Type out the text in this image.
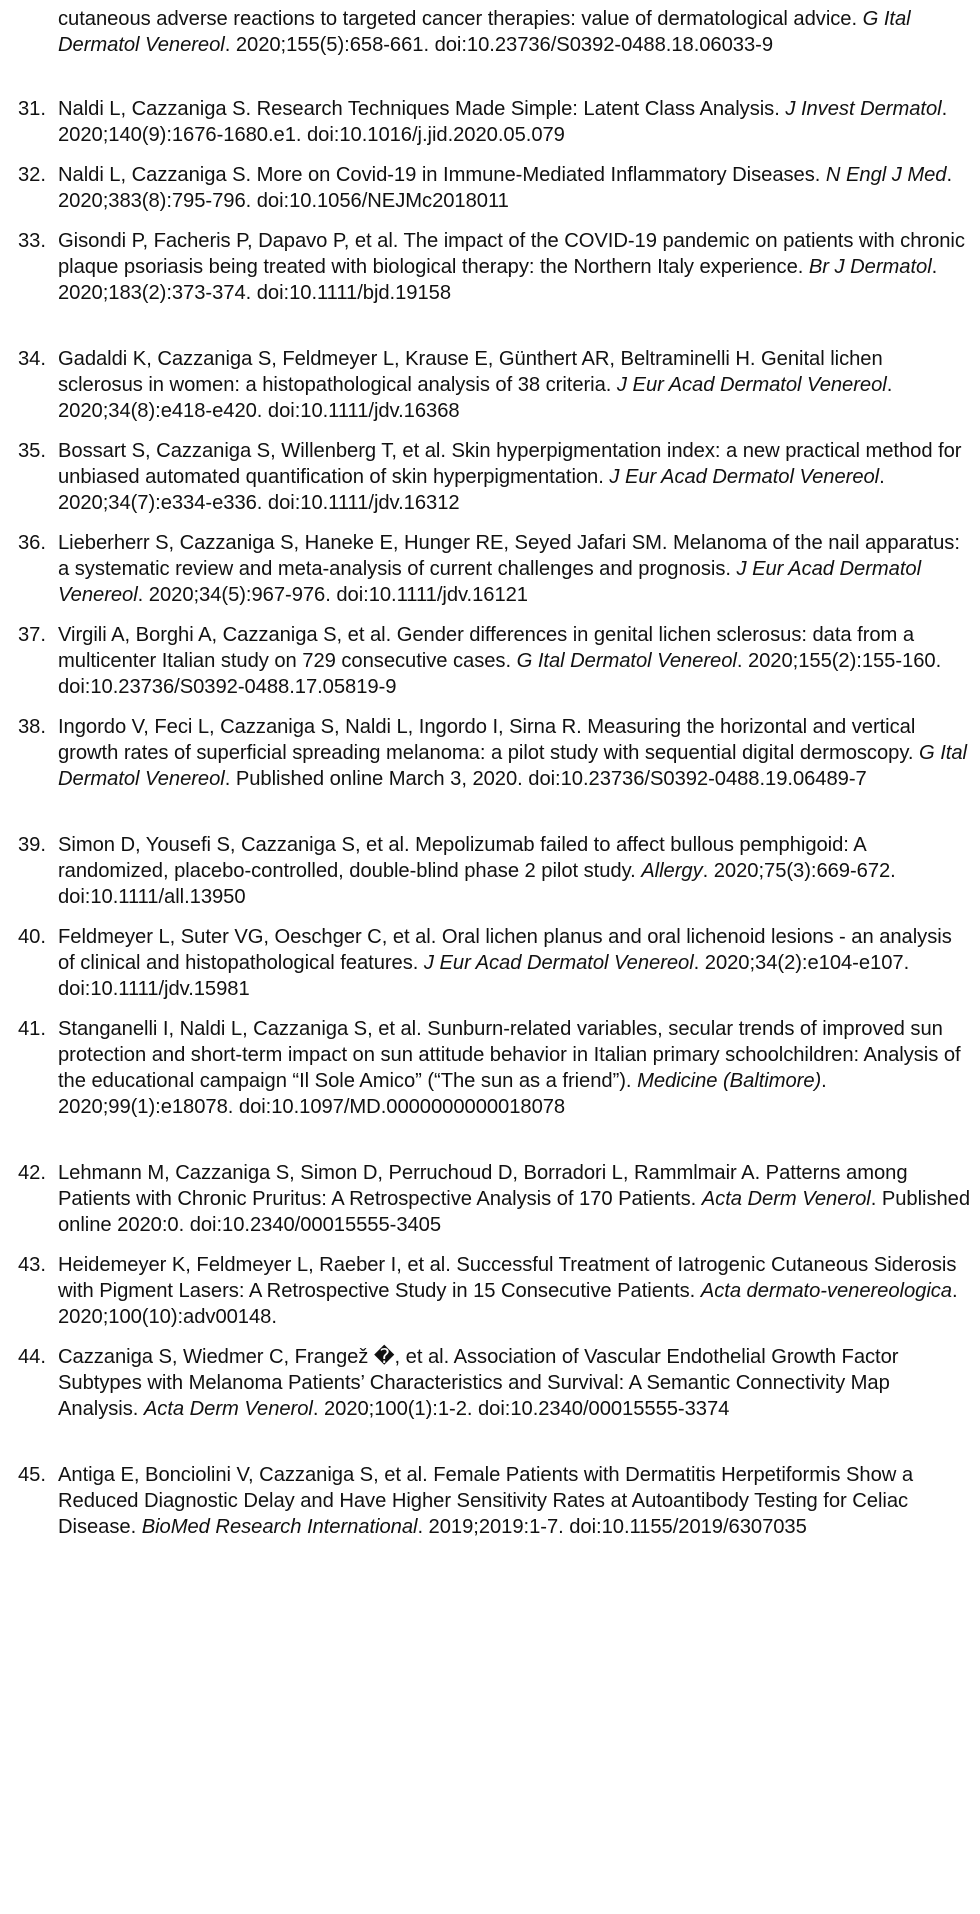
cutaneous adverse reactions to targeted cancer therapies: value of dermatological advice. G Ital Dermatol Venereol. 2020;155(5):658-661. doi:10.23736/S0392-0488.18.06033-9
31. Naldi L, Cazzaniga S. Research Techniques Made Simple: Latent Class Analysis. J Invest Dermatol. 2020;140(9):1676-1680.e1. doi:10.1016/j.jid.2020.05.079
32. Naldi L, Cazzaniga S. More on Covid-19 in Immune-Mediated Inflammatory Diseases. N Engl J Med. 2020;383(8):795-796. doi:10.1056/NEJMc2018011
33. Gisondi P, Facheris P, Dapavo P, et al. The impact of the COVID-19 pandemic on patients with chronic plaque psoriasis being treated with biological therapy: the Northern Italy experience. Br J Dermatol. 2020;183(2):373-374. doi:10.1111/bjd.19158
34. Gadaldi K, Cazzaniga S, Feldmeyer L, Krause E, Günthert AR, Beltraminelli H. Genital lichen sclerosus in women: a histopathological analysis of 38 criteria. J Eur Acad Dermatol Venereol. 2020;34(8):e418-e420. doi:10.1111/jdv.16368
35. Bossart S, Cazzaniga S, Willenberg T, et al. Skin hyperpigmentation index: a new practical method for unbiased automated quantification of skin hyperpigmentation. J Eur Acad Dermatol Venereol. 2020;34(7):e334-e336. doi:10.1111/jdv.16312
36. Lieberherr S, Cazzaniga S, Haneke E, Hunger RE, Seyed Jafari SM. Melanoma of the nail apparatus: a systematic review and meta-analysis of current challenges and prognosis. J Eur Acad Dermatol Venereol. 2020;34(5):967-976. doi:10.1111/jdv.16121
37. Virgili A, Borghi A, Cazzaniga S, et al. Gender differences in genital lichen sclerosus: data from a multicenter Italian study on 729 consecutive cases. G Ital Dermatol Venereol. 2020;155(2):155-160. doi:10.23736/S0392-0488.17.05819-9
38. Ingordo V, Feci L, Cazzaniga S, Naldi L, Ingordo I, Sirna R. Measuring the horizontal and vertical growth rates of superficial spreading melanoma: a pilot study with sequential digital dermoscopy. G Ital Dermatol Venereol. Published online March 3, 2020. doi:10.23736/S0392-0488.19.06489-7
39. Simon D, Yousefi S, Cazzaniga S, et al. Mepolizumab failed to affect bullous pemphigoid: A randomized, placebo-controlled, double-blind phase 2 pilot study. Allergy. 2020;75(3):669-672. doi:10.1111/all.13950
40. Feldmeyer L, Suter VG, Oeschger C, et al. Oral lichen planus and oral lichenoid lesions - an analysis of clinical and histopathological features. J Eur Acad Dermatol Venereol. 2020;34(2):e104-e107. doi:10.1111/jdv.15981
41. Stanganelli I, Naldi L, Cazzaniga S, et al. Sunburn-related variables, secular trends of improved sun protection and short-term impact on sun attitude behavior in Italian primary schoolchildren: Analysis of the educational campaign “Il Sole Amico” (“The sun as a friend”). Medicine (Baltimore). 2020;99(1):e18078. doi:10.1097/MD.0000000000018078
42. Lehmann M, Cazzaniga S, Simon D, Perruchoud D, Borradori L, Rammlmair A. Patterns among Patients with Chronic Pruritus: A Retrospective Analysis of 170 Patients. Acta Derm Venerol. Published online 2020:0. doi:10.2340/00015555-3405
43. Heidemeyer K, Feldmeyer L, Raeber I, et al. Successful Treatment of Iatrogenic Cutaneous Siderosis with Pigment Lasers: A Retrospective Study in 15 Consecutive Patients. Acta dermato-venereologica. 2020;100(10):adv00148.
44. Cazzaniga S, Wiedmer C, Frangež �, et al. Association of Vascular Endothelial Growth Factor Subtypes with Melanoma Patients’ Characteristics and Survival: A Semantic Connectivity Map Analysis. Acta Derm Venerol. 2020;100(1):1-2. doi:10.2340/00015555-3374
45. Antiga E, Bonciolini V, Cazzaniga S, et al. Female Patients with Dermatitis Herpetiformis Show a Reduced Diagnostic Delay and Have Higher Sensitivity Rates at Autoantibody Testing for Celiac Disease. BioMed Research International. 2019;2019:1-7. doi:10.1155/2019/6307035
